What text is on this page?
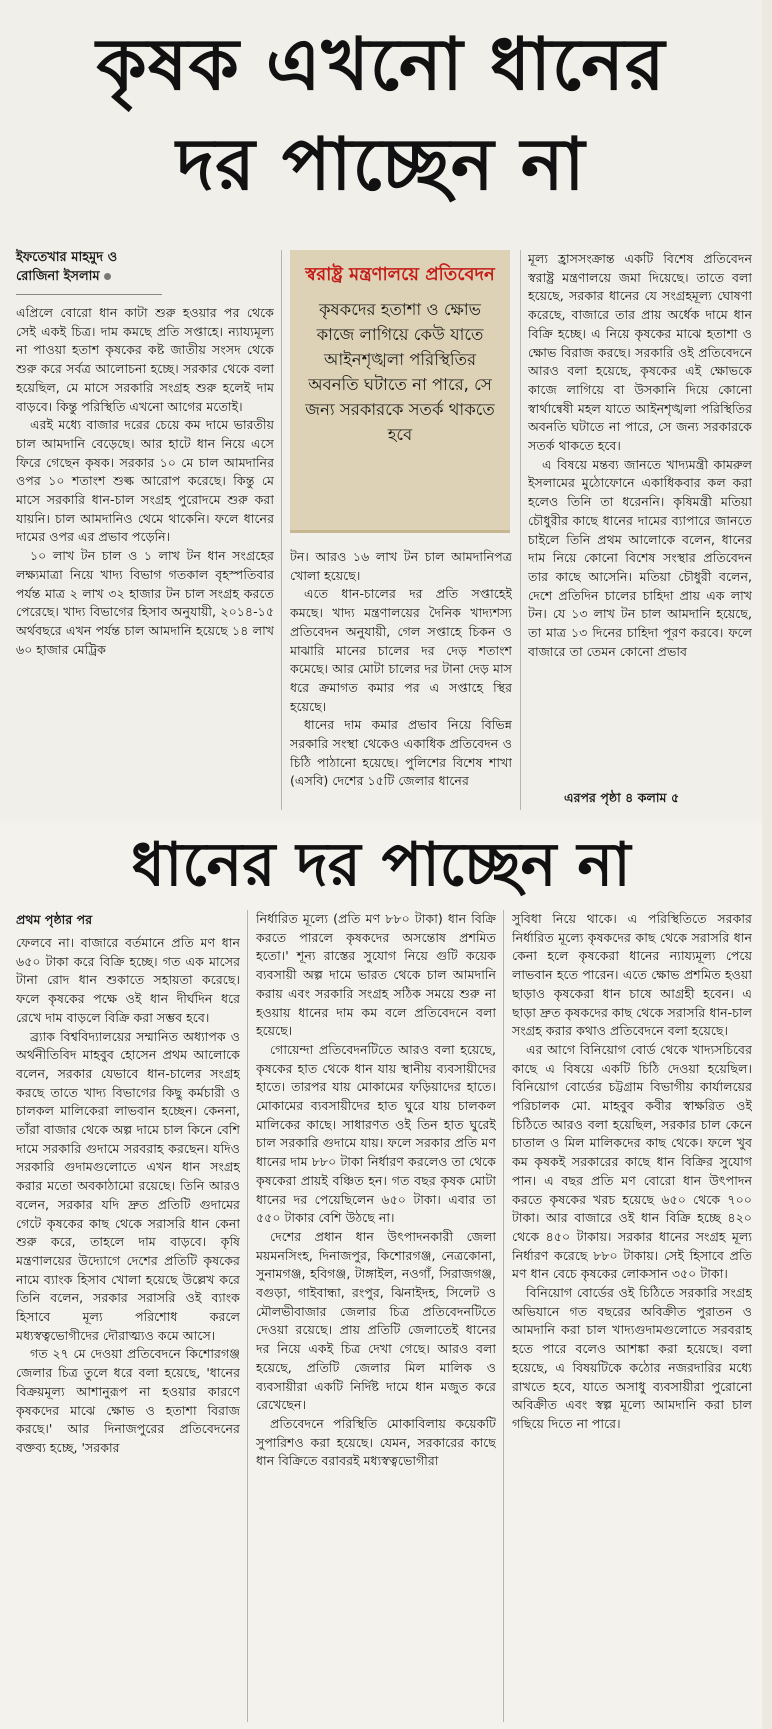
কৃষক এখনো ধানের
দর পাচ্ছেন না
ইফতেখার মাহমুদ ও
রোজিনা ইসলাম

এপ্রিলে বোরো ধান কাটা শুরু হওয়ার পর থেকে সেই একই চিত্র। দাম কমছে প্রতি সপ্তাহে। ন্যায্যমূল্য না পাওয়া হতাশ কৃষকের কষ্ট জাতীয় সংসদ থেকে শুরু করে সর্বত্র আলোচনা হচ্ছে। সরকার থেকে বলা হয়েছিল, মে মাসে সরকারি সংগ্রহ শুরু হলেই দাম বাড়বে। কিন্তু পরিস্থিতি এখনো আগের মতোই।

এরই মধ্যে বাজার দরের চেয়ে কম দামে ভারতীয় চাল আমদানি বেড়েছে। আর হাটে ধান নিয়ে এসে ফিরে গেছেন কৃষক। সরকার ১০ মে চাল আমদানির ওপর ১০ শতাংশ শুল্ক আরোপ করেছে। কিন্তু মে মাসে সরকারি ধান-চাল সংগ্রহ পুরোদমে শুরু করা যায়নি। চাল আমদানিও থেমে থাকেনি। ফলে ধানের দামের ওপর এর প্রভাব পড়েনি।

১০ লাখ টন চাল ও ১ লাখ টন ধান সংগ্রহের লক্ষ্যমাত্রা নিয়ে খাদ্য বিভাগ গতকাল বৃহস্পতিবার পর্যন্ত মাত্র ২ লাখ ৩২ হাজার টন চাল সংগ্রহ করতে পেরেছে। খাদ্য বিভাগের হিসাব অনুযায়ী, ২০১৪-১৫ অর্থবছরে এখন পর্যন্ত চাল আমদানি হয়েছে ১৪ লাখ ৬০ হাজার মেট্রিক

স্বরাষ্ট্র মন্ত্রণালয়ে প্রতিবেদন
কৃষকদের হতাশা ও ক্ষোভ কাজে লাগিয়ে কেউ যাতে আইনশৃঙ্খলা পরিস্থিতির অবনতি ঘটাতে না পারে, সে জন্য সরকারকে সতর্ক থাকতে হবে

টন। আরও ১৬ লাখ টন চাল আমদানিপত্র খোলা হয়েছে।

এতে ধান-চালের দর প্রতি সপ্তাহেই কমছে। খাদ্য মন্ত্রণালয়ের দৈনিক খাদ্যশস্য প্রতিবেদন অনুযায়ী, গেল সপ্তাহে চিকন ও মাঝারি মানের চালের দর দেড় শতাংশ কমেছে। আর মোটা চালের দর টানা দেড় মাস ধরে ক্রমাগত কমার পর এ সপ্তাহে স্থির হয়েছে।

ধানের দাম কমার প্রভাব নিয়ে বিভিন্ন সরকারি সংস্থা থেকেও একাধিক প্রতিবেদন ও চিঠি পাঠানো হয়েছে। পুলিশের বিশেষ শাখা (এসবি) দেশের ১৫টি জেলার ধানের

মূল্য হ্রাসসংক্রান্ত একটি বিশেষ প্রতিবেদন স্বরাষ্ট্র মন্ত্রণালয়ে জমা দিয়েছে। তাতে বলা হয়েছে, সরকার ধানের যে সংগ্রহমূল্য ঘোষণা করেছে, বাজারে তার প্রায় অর্ধেক দামে ধান বিক্রি হচ্ছে। এ নিয়ে কৃষকের মাঝে হতাশা ও ক্ষোভ বিরাজ করছে। সরকারি ওই প্রতিবেদনে আরও বলা হয়েছে, কৃষকের এই ক্ষোভকে কাজে লাগিয়ে বা উসকানি দিয়ে কোনো স্বার্থান্বেষী মহল যাতে আইনশৃঙ্খলা পরিস্থিতির অবনতি ঘটাতে না পারে, সে জন্য সরকারকে সতর্ক থাকতে হবে।

এ বিষয়ে মন্তব্য জানতে খাদ্যমন্ত্রী কামরুল ইসলামের মুঠোফোনে একাধিকবার কল করা হলেও তিনি তা ধরেননি। কৃষিমন্ত্রী মতিয়া চৌধুরীর কাছে ধানের দামের ব্যাপারে জানতে চাইলে তিনি প্রথম আলোকে বলেন, ধানের দাম নিয়ে কোনো বিশেষ সংস্থার প্রতিবেদন তার কাছে আসেনি। মতিয়া চৌধুরী বলেন, দেশে প্রতিদিন চালের চাহিদা প্রায় এক লাখ টন। যে ১৩ লাখ টন চাল আমদানি হয়েছে, তা মাত্র ১৩ দিনের চাহিদা পূরণ করবে। ফলে বাজারে তা তেমন কোনো প্রভাব

এরপর পৃষ্ঠা ৪ কলাম ৫
ধানের দর পাচ্ছেন না
প্রথম পৃষ্ঠার পর

ফেলবে না। বাজারে বর্তমানে প্রতি মণ ধান ৬৫০ টাকা করে বিক্রি হচ্ছে। গত এক মাসের টানা রোদ ধান শুকাতে সহায়তা করেছে। ফলে কৃষকের পক্ষে ওই ধান দীর্ঘদিন ধরে রেখে দাম বাড়লে বিক্রি করা সম্ভব হবে।

ব্র্যাক বিশ্ববিদ্যালয়ের সম্মানিত অধ্যাপক ও অর্থনীতিবিদ মাহবুব হোসেন প্রথম আলোকে বলেন, সরকার যেভাবে ধান-চালের সংগ্রহ করছে তাতে খাদ্য বিভাগের কিছু কর্মচারী ও চালকল মালিকেরা লাভবান হচ্ছেন। কেননা, তাঁরা বাজার থেকে অল্প দামে চাল কিনে বেশি দামে সরকারি গুদামে সরবরাহ করছেন। যদিও সরকারি গুদামগুলোতে এখন ধান সংগ্রহ করার মতো অবকাঠামো রয়েছে। তিনি আরও বলেন, সরকার যদি দ্রুত প্রতিটি গুদামের গেটে কৃষকের কাছ থেকে সরাসরি ধান কেনা শুরু করে, তাহলে দাম বাড়বে। কৃষি মন্ত্রণালয়ের উদ্যোগে দেশের প্রতিটি কৃষকের নামে ব্যাংক হিসাব খোলা হয়েছে উল্লেখ করে তিনি বলেন, সরকার সরাসরি ওই ব্যাংক হিসাবে মূল্য পরিশোধ করলে মধ্যস্বত্বভোগীদের দৌরাত্ম্যও কমে আসে।

গত ২৭ মে দেওয়া প্রতিবেদনে কিশোরগঞ্জ জেলার চিত্র তুলে ধরে বলা হয়েছে, 'ধানের বিক্রয়মূল্য আশানুরূপ না হওয়ার কারণে কৃষকদের মাঝে ক্ষোভ ও হতাশা বিরাজ করছে।' আর দিনাজপুরের প্রতিবেদনের বক্তব্য হচ্ছে, 'সরকার

নির্ধারিত মূল্যে (প্রতি মণ ৮৮০ টাকা) ধান বিক্রি করতে পারলে কৃষকদের অসন্তোষ প্রশমিত হতো।' শূন্য রাস্তের সুযোগ নিয়ে গুটি কয়েক ব্যবসায়ী অল্প দামে ভারত থেকে চাল আমদানি করায় এবং সরকারি সংগ্রহ সঠিক সময়ে শুরু না হওয়ায় ধানের দাম কম বলে প্রতিবেদনে বলা হয়েছে।

গোয়েন্দা প্রতিবেদনটিতে আরও বলা হয়েছে, কৃষকের হাত থেকে ধান যায় স্থানীয় ব্যবসায়ীদের হাতে। তারপর যায় মোকামের ফড়িয়াদের হাতে। মোকামের ব্যবসায়ীদের হাত ঘুরে যায় চালকল মালিকের কাছে। সাধারণত ওই তিন হাত ঘুরেই চাল সরকারি গুদামে যায়। ফলে সরকার প্রতি মণ ধানের দাম ৮৮০ টাকা নির্ধারণ করলেও তা থেকে কৃষকেরা প্রায়ই বঞ্চিত হন। গত বছর কৃষক মোটা ধানের দর পেয়েছিলেন ৬৫০ টাকা। এবার তা ৫৫০ টাকার বেশি উঠছে না।

দেশের প্রধান ধান উৎপাদনকারী জেলা ময়মনসিংহ, দিনাজপুর, কিশোরগঞ্জ, নেত্রকোনা, সুনামগঞ্জ, হবিগঞ্জ, টাঙ্গাইল, নওগাঁ, সিরাজগঞ্জ, বগুড়া, গাইবান্ধা, রংপুর, ঝিনাইদহ, সিলেট ও মৌলভীবাজার জেলার চিত্র প্রতিবেদনটিতে দেওয়া রয়েছে। প্রায় প্রতিটি জেলাতেই ধানের দর নিয়ে একই চিত্র দেখা গেছে। আরও বলা হয়েছে, প্রতিটি জেলার মিল মালিক ও ব্যবসায়ীরা একটি নির্দিষ্ট দামে ধান মজুত করে রেখেছেন।

প্রতিবেদনে পরিস্থিতি মোকাবিলায় কয়েকটি সুপারিশও করা হয়েছে। যেমন, সরকারের কাছে ধান বিক্রিতে বরাবরই মধ্যস্বত্বভোগীরা

সুবিধা নিয়ে থাকে। এ পরিস্থিতিতে সরকার নির্ধারিত মূল্যে কৃষকদের কাছ থেকে সরাসরি ধান কেনা হলে কৃষকেরা ধানের ন্যায্যমূল্য পেয়ে লাভবান হতে পারেন। এতে ক্ষোভ প্রশমিত হওয়া ছাড়াও কৃষকেরা ধান চাষে আগ্রহী হবেন। এ ছাড়া দ্রুত কৃষকদের কাছ থেকে সরাসরি ধান-চাল সংগ্রহ করার কথাও প্রতিবেদনে বলা হয়েছে।

এর আগে বিনিয়োগ বোর্ড থেকে খাদ্যসচিবের কাছে এ বিষয়ে একটি চিঠি দেওয়া হয়েছিল। বিনিয়োগ বোর্ডের চট্টগ্রাম বিভাগীয় কার্যালয়ের পরিচালক মো. মাহবুব কবীর স্বাক্ষরিত ওই চিঠিতে আরও বলা হয়েছিল, সরকার চাল কেনে চাতাল ও মিল মালিকদের কাছ থেকে। ফলে খুব কম কৃষকই সরকারের কাছে ধান বিক্রির সুযোগ পান। এ বছর প্রতি মণ বোরো ধান উৎপাদন করতে কৃষকের খরচ হয়েছে ৬৫০ থেকে ৭০০ টাকা। আর বাজারে ওই ধান বিক্রি হচ্ছে ৪২০ থেকে ৪৫০ টাকায়। সরকার ধানের সংগ্রহ মূল্য নির্ধারণ করেছে ৮৮০ টাকায়। সেই হিসাবে প্রতি মণ ধান বেচে কৃষকের লোকসান ৩৫০ টাকা।

বিনিয়োগ বোর্ডের ওই চিঠিতে সরকারি সংগ্রহ অভিযানে গত বছরের অবিক্রীত পুরাতন ও আমদানি করা চাল খাদ্যগুদামগুলোতে সরবরাহ হতে পারে বলেও আশঙ্কা করা হয়েছে। বলা হয়েছে, এ বিষয়টিকে কঠোর নজরদারির মধ্যে রাখতে হবে, যাতে অসাধু ব্যবসায়ীরা পুরোনো অবিক্রীত এবং স্বল্প মূল্যে আমদানি করা চাল গছিয়ে দিতে না পারে।
